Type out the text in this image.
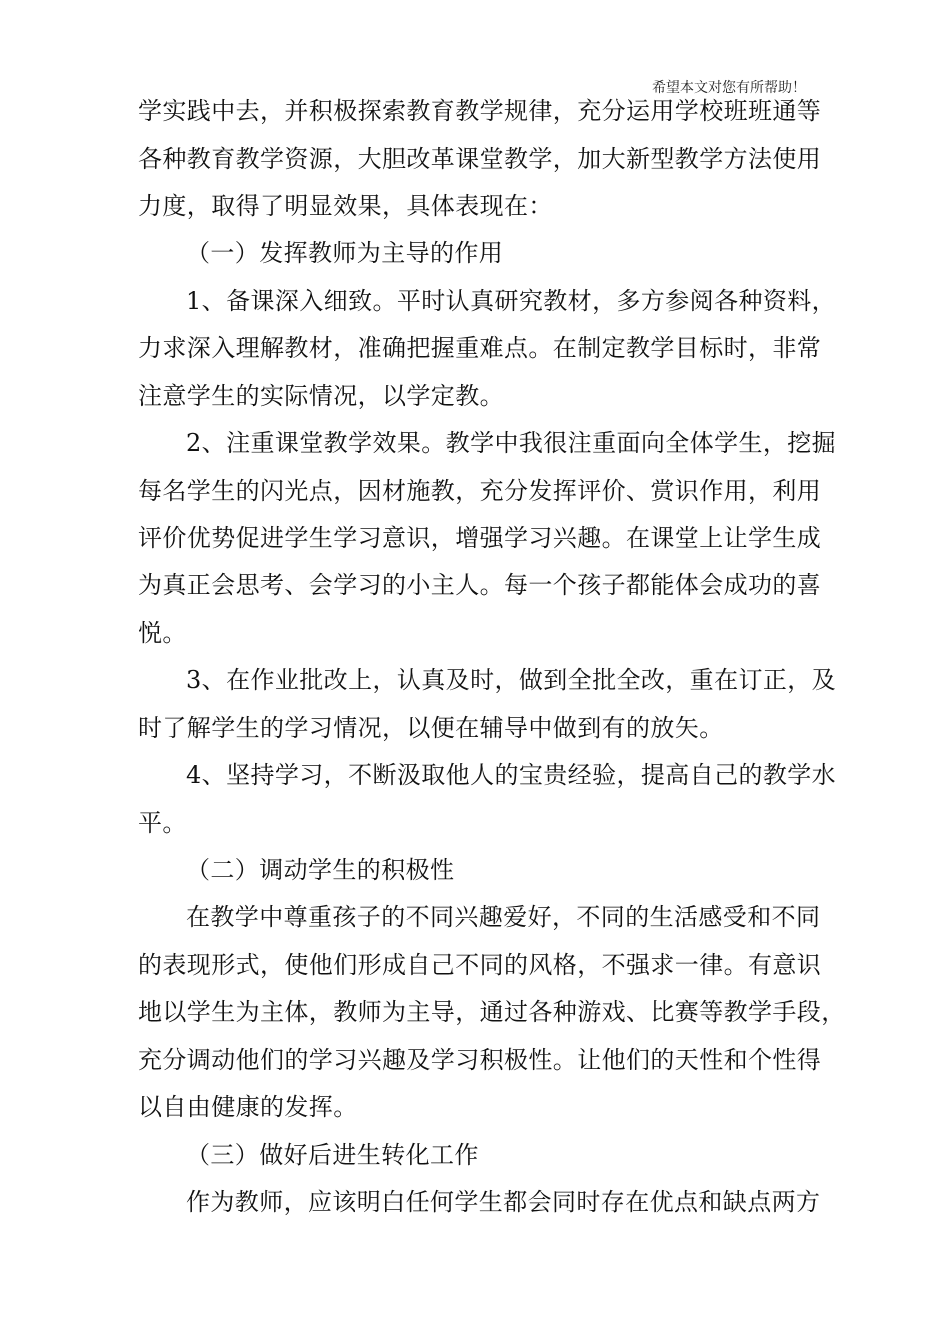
希望本文对您有所帮助！
学实践中去，并积极探索教育教学规律，充分运用学校班班通等
各种教育教学资源，大胆改革课堂教学，加大新型教学方法使用
力度，取得了明显效果，具体表现在：
（一）发挥教师为主导的作用
1、备课深入细致。平时认真研究教材，多方参阅各种资料，
力求深入理解教材，准确把握重难点。在制定教学目标时，非常
注意学生的实际情况，以学定教。
2、注重课堂教学效果。教学中我很注重面向全体学生，挖掘
每名学生的闪光点，因材施教，充分发挥评价、赏识作用，利用
评价优势促进学生学习意识，增强学习兴趣。在课堂上让学生成
为真正会思考、会学习的小主人。每一个孩子都能体会成功的喜
悦。
3、在作业批改上，认真及时，做到全批全改，重在订正，及
时了解学生的学习情况，以便在辅导中做到有的放矢。
4、坚持学习，不断汲取他人的宝贵经验，提高自己的教学水
平。
（二）调动学生的积极性
在教学中尊重孩子的不同兴趣爱好，不同的生活感受和不同
的表现形式，使他们形成自己不同的风格，不强求一律。有意识
地以学生为主体，教师为主导，通过各种游戏、比赛等教学手段，
充分调动他们的学习兴趣及学习积极性。让他们的天性和个性得
以自由健康的发挥。
（三）做好后进生转化工作
作为教师，应该明白任何学生都会同时存在优点和缺点两方
